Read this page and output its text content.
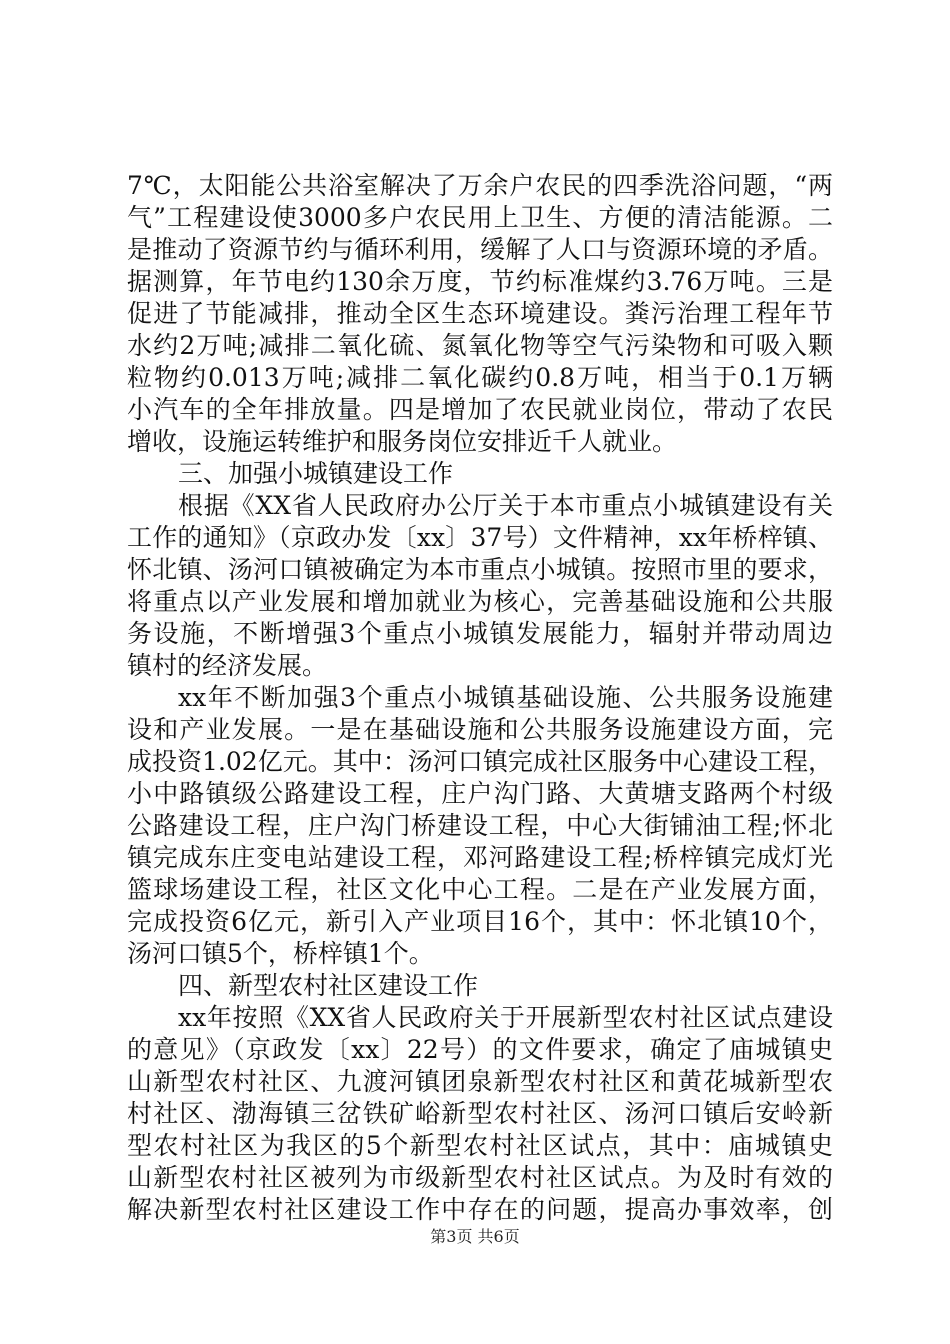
7℃，太阳能公共浴室解决了万余户农民的四季洗浴问题，“两
气”工程建设使3000多户农民用上卫生、方便的清洁能源。二
是推动了资源节约与循环利用，缓解了人口与资源环境的矛盾。
据测算，年节电约130余万度，节约标准煤约3.76万吨。三是
促进了节能减排，推动全区生态环境建设。粪污治理工程年节
水约2万吨;减排二氧化硫、氮氧化物等空气污染物和可吸入颗
粒物约0.013万吨;减排二氧化碳约0.8万吨，相当于0.1万辆
小汽车的全年排放量。四是增加了农民就业岗位，带动了农民
增收，设施运转维护和服务岗位安排近千人就业。
三、加强小城镇建设工作
根据《XX省人民政府办公厅关于本市重点小城镇建设有关
工作的通知》（京政办发〔xx〕37号）文件精神，xx年桥梓镇、
怀北镇、汤河口镇被确定为本市重点小城镇。按照市里的要求，
将重点以产业发展和增加就业为核心，完善基础设施和公共服
务设施，不断增强3个重点小城镇发展能力，辐射并带动周边
镇村的经济发展。
xx年不断加强3个重点小城镇基础设施、公共服务设施建
设和产业发展。一是在基础设施和公共服务设施建设方面，完
成投资1.02亿元。其中：汤河口镇完成社区服务中心建设工程，
小中路镇级公路建设工程，庄户沟门路、大黄塘支路两个村级
公路建设工程，庄户沟门桥建设工程，中心大街铺油工程;怀北
镇完成东庄变电站建设工程，邓河路建设工程;桥梓镇完成灯光
篮球场建设工程，社区文化中心工程。二是在产业发展方面，
完成投资6亿元，新引入产业项目16个，其中：怀北镇10个，
汤河口镇5个，桥梓镇1个。
四、新型农村社区建设工作
xx年按照《XX省人民政府关于开展新型农村社区试点建设
的意见》（京政发〔xx〕22号）的文件要求，确定了庙城镇史
山新型农村社区、九渡河镇团泉新型农村社区和黄花城新型农
村社区、渤海镇三岔铁矿峪新型农村社区、汤河口镇后安岭新
型农村社区为我区的5个新型农村社区试点，其中：庙城镇史
山新型农村社区被列为市级新型农村社区试点。为及时有效的
解决新型农村社区建设工作中存在的问题，提高办事效率，创
第3页 共6页
